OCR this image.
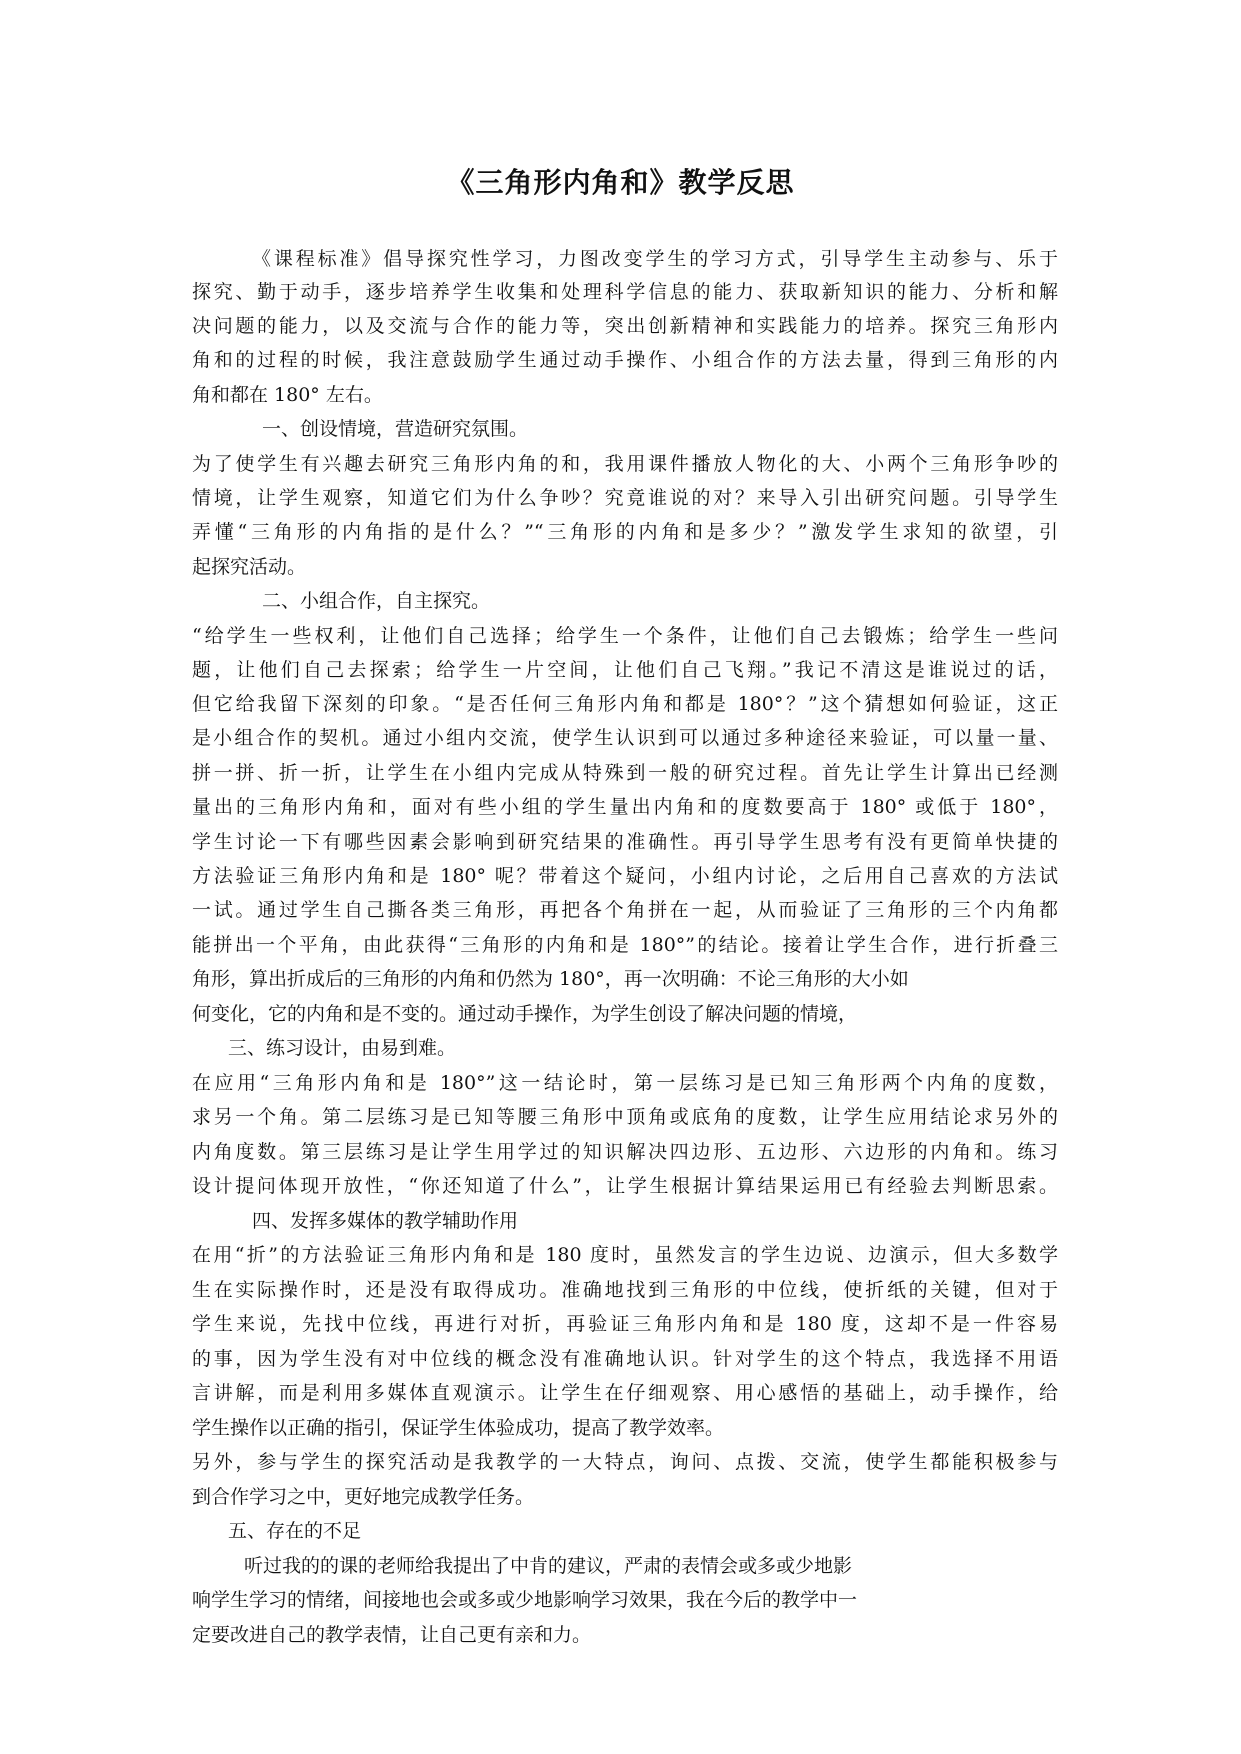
《三角形内角和》教学反思
《课程标准》倡导探究性学习，力图改变学生的学习方式，引导学生主动参与、乐于
探究、勤于动手，逐步培养学生收集和处理科学信息的能力、获取新知识的能力、分析和解
决问题的能力，以及交流与合作的能力等，突出创新精神和实践能力的培养。探究三角形内
角和的过程的时候，我注意鼓励学生通过动手操作、小组合作的方法去量，得到三角形的内
角和都在 180° 左右。
一、创设情境，营造研究氛围。
为了使学生有兴趣去研究三角形内角的和，我用课件播放人物化的大、小两个三角形争吵的
情境，让学生观察，知道它们为什么争吵？究竟谁说的对？来导入引出研究问题。引导学生
弄懂“三角形的内角指的是什么？”“三角形的内角和是多少？”激发学生求知的欲望，引
起探究活动。
二、小组合作，自主探究。
“给学生一些权利，让他们自己选择；给学生一个条件，让他们自己去锻炼；给学生一些问
题，让他们自己去探索；给学生一片空间，让他们自己飞翔。”我记不清这是谁说过的话，
但它给我留下深刻的印象。“是否任何三角形内角和都是 180°？”这个猜想如何验证，这正
是小组合作的契机。通过小组内交流，使学生认识到可以通过多种途径来验证，可以量一量、
拼一拼、折一折，让学生在小组内完成从特殊到一般的研究过程。首先让学生计算出已经测
量出的三角形内角和，面对有些小组的学生量出内角和的度数要高于 180° 或低于 180°，
学生讨论一下有哪些因素会影响到研究结果的准确性。再引导学生思考有没有更简单快捷的
方法验证三角形内角和是 180° 呢？带着这个疑问，小组内讨论，之后用自己喜欢的方法试
一试。通过学生自己撕各类三角形，再把各个角拼在一起，从而验证了三角形的三个内角都
能拼出一个平角，由此获得“三角形的内角和是 180°”的结论。接着让学生合作，进行折叠三
角形，算出折成后的三角形的内角和仍然为 180°，再一次明确：不论三角形的大小如
何变化，它的内角和是不变的。通过动手操作，为学生创设了解决问题的情境，
三、练习设计，由易到难。
在应用“三角形内角和是 180°”这一结论时，第一层练习是已知三角形两个内角的度数，
求另一个角。第二层练习是已知等腰三角形中顶角或底角的度数，让学生应用结论求另外的
内角度数。第三层练习是让学生用学过的知识解决四边形、五边形、六边形的内角和。练习
设计提问体现开放性，“你还知道了什么”，让学生根据计算结果运用已有经验去判断思索。
四、发挥多媒体的教学辅助作用
在用“折”的方法验证三角形内角和是 180 度时，虽然发言的学生边说、边演示，但大多数学
生在实际操作时，还是没有取得成功。准确地找到三角形的中位线，使折纸的关键，但对于
学生来说，先找中位线，再进行对折，再验证三角形内角和是 180 度，这却不是一件容易
的事，因为学生没有对中位线的概念没有准确地认识。针对学生的这个特点，我选择不用语
言讲解，而是利用多媒体直观演示。让学生在仔细观察、用心感悟的基础上，动手操作，给
学生操作以正确的指引，保证学生体验成功，提高了教学效率。
另外，参与学生的探究活动是我教学的一大特点，询问、点拨、交流，使学生都能积极参与
到合作学习之中，更好地完成教学任务。
五、存在的不足
听过我的的课的老师给我提出了中肯的建议，严肃的表情会或多或少地影
响学生学习的情绪，间接地也会或多或少地影响学习效果，我在今后的教学中一
定要改进自己的教学表情，让自己更有亲和力。
